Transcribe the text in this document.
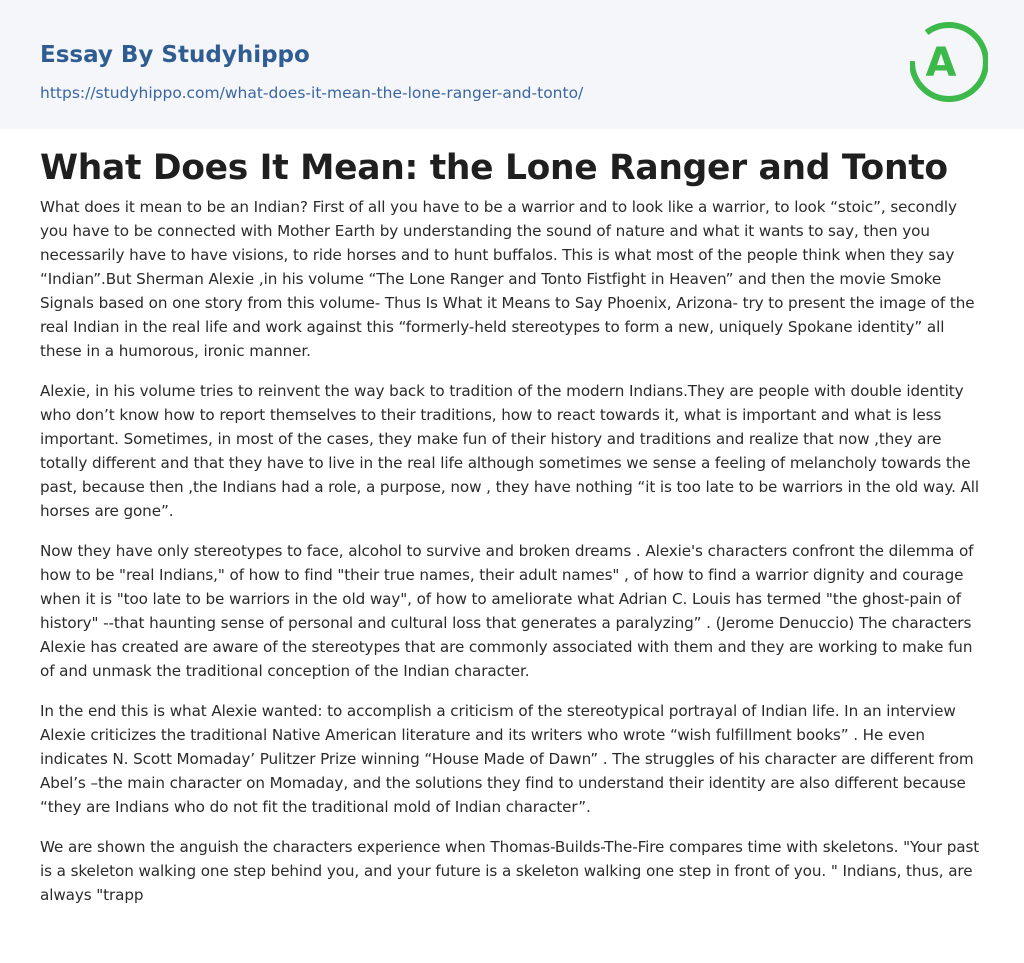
Essay By Studyhippo
https://studyhippo.com/what-does-it-mean-the-lone-ranger-and-tonto/
A
What Does It Mean: the Lone Ranger and Tonto

What does it mean to be an Indian? First of all you have to be a warrior and to look like a warrior, to look “stoic”, secondly you have to be connected with Mother Earth by understanding the sound of nature and what it wants to say, then you necessarily have to have visions, to ride horses and to hunt buffalos. This is what most of the people think when they say “Indian”.But Sherman Alexie ,in his volume “The Lone Ranger and Tonto Fistfight in Heaven” and then the movie Smoke Signals based on one story from this volume- Thus Is What it Means to Say Phoenix, Arizona- try to present the image of the real Indian in the real life and work against this “formerly-held stereotypes to form a new, uniquely Spokane identity” all these in a humorous, ironic manner.

Alexie, in his volume tries to reinvent the way back to tradition of the modern Indians.They are people with double identity who don’t know how to report themselves to their traditions, how to react towards it, what is important and what is less important. Sometimes, in most of the cases, they make fun of their history and traditions and realize that now ,they are totally different and that they have to live in the real life although sometimes we sense a feeling of melancholy towards the past, because then ,the Indians had a role, a purpose, now , they have nothing “it is too late to be warriors in the old way. All horses are gone”.

Now they have only stereotypes to face, alcohol to survive and broken dreams . Alexie's characters confront the dilemma of how to be "real Indians," of how to find "their true names, their adult names" , of how to find a warrior dignity and courage when it is "too late to be warriors in the old way", of how to ameliorate what Adrian C. Louis has termed "the ghost-pain of history" --that haunting sense of personal and cultural loss that generates a paralyzing” . (Jerome Denuccio) The characters Alexie has created are aware of the stereotypes that are commonly associated with them and they are working to make fun of and unmask the traditional conception of the Indian character.

In the end this is what Alexie wanted: to accomplish a criticism of the stereotypical portrayal of Indian life. In an interview Alexie criticizes the traditional Native American literature and its writers who wrote “wish fulfillment books” . He even indicates N. Scott Momaday’ Pulitzer Prize winning “House Made of Dawn” . The struggles of his character are different from Abel’s –the main character on Momaday, and the solutions they find to understand their identity are also different because “they are Indians who do not fit the traditional mold of Indian character”.

We are shown the anguish the characters experience when Thomas-Builds-The-Fire compares time with skeletons. "Your past is a skeleton walking one step behind you, and your future is a skeleton walking one step in front of you. " Indians, thus, are always "trapp
